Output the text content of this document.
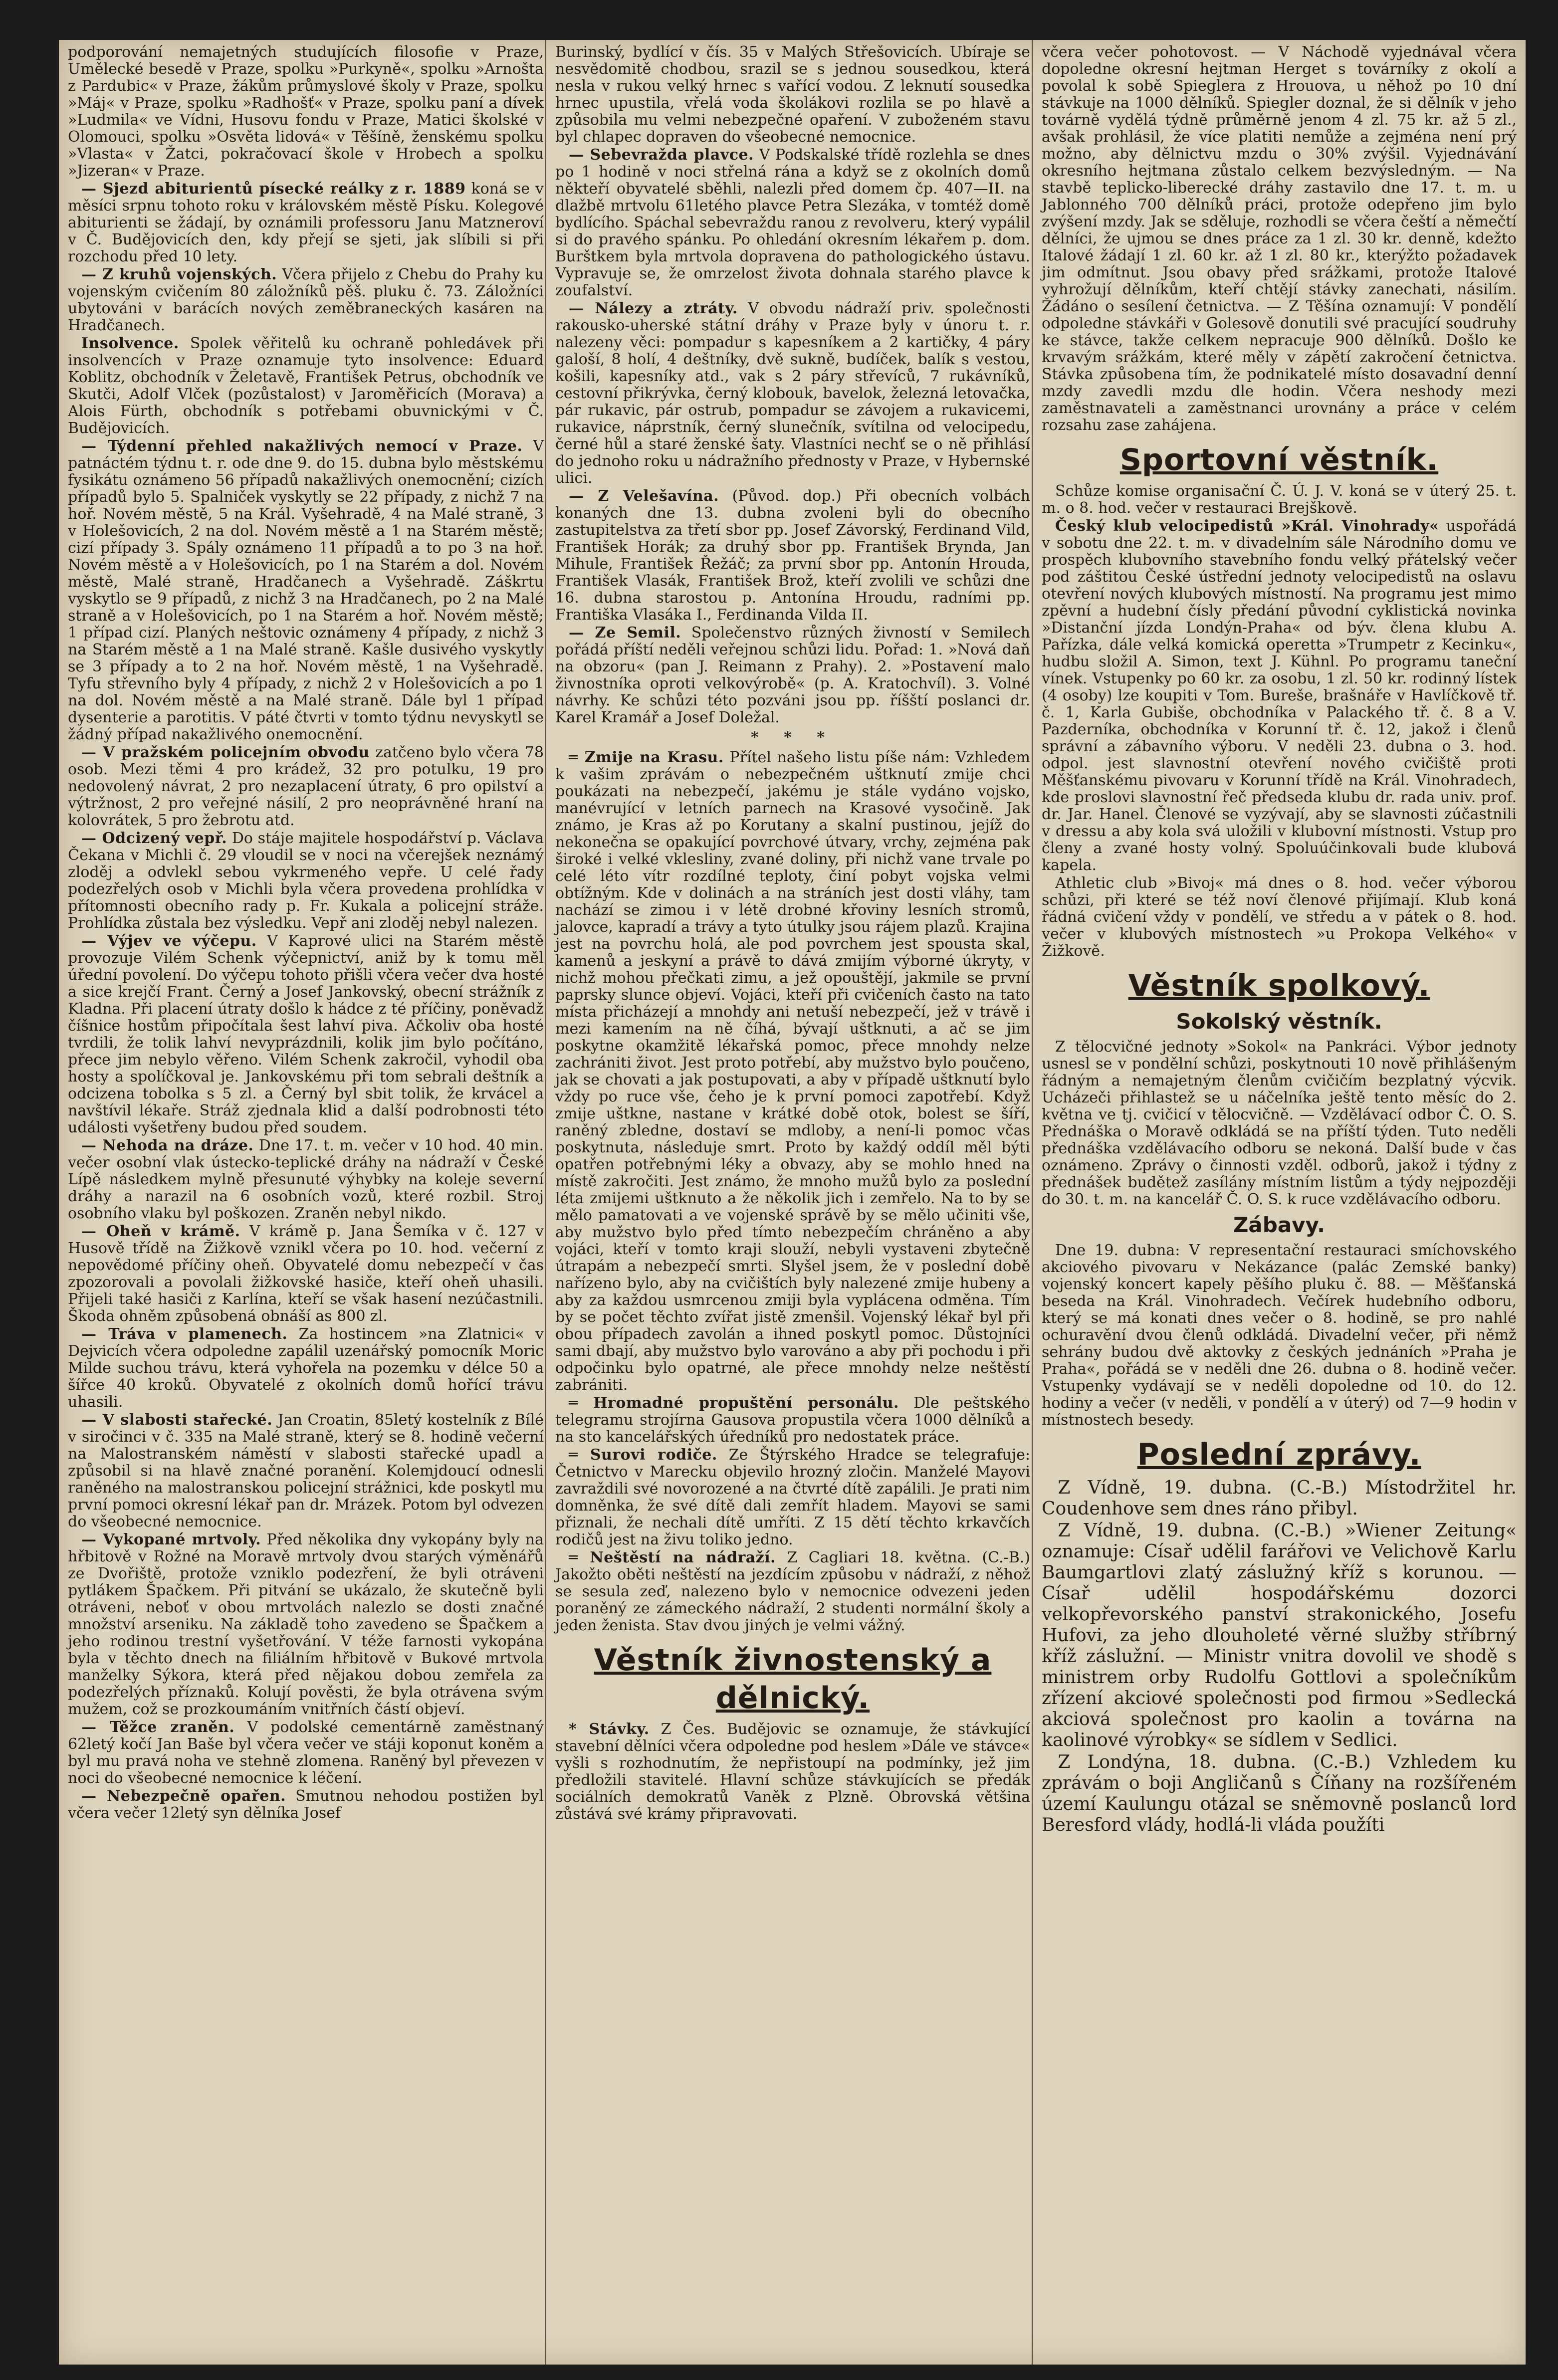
podporování nemajetných studujících filosofie v Praze, Umělecké besedě v Praze, spolku »Purkyně«, spolku »Arnošta z Pardubic« v Praze, žákům průmyslové školy v Praze, spolku »Máj« v Praze, spolku »Radhošť« v Praze, spolku paní a dívek »Ludmila« ve Vídni, Husovu fondu v Praze, Matici školské v Olomouci, spolku »Osvěta lidová« v Těšíně, ženskému spolku »Vlasta« v Žatci, pokračovací škole v Hrobech a spolku »Jizeran« v Praze.

— Sjezd abiturientů písecké reálky z r. 1889 koná se v měsíci srpnu tohoto roku v královském městě Písku. Kolegové abiturienti se žádají, by oznámili professoru Janu Matzneroví v Č. Budějovicích den, kdy přejí se sjeti, jak slíbili si při rozchodu před 10 lety.

— Z kruhů vojenských. Včera přijelo z Chebu do Prahy ku vojenským cvičením 80 záložníků pěš. pluku č. 73. Záložníci ubytováni v barácích nových zeměbraneckých kasáren na Hradčanech.

Insolvence. Spolek věřitelů ku ochraně pohledávek při insolvencích v Praze oznamuje tyto insolvence: Eduard Koblitz, obchodník v Želetavě, František Petrus, obchodník ve Skutči, Adolf Vlček (pozůstalost) v Jaroměřicích (Morava) a Alois Fürth, obchodník s potřebami obuvnickými v Č. Budějovicích.

— Týdenní přehled nakažlivých nemocí v Praze. V patnáctém týdnu t. r. ode dne 9. do 15. dubna bylo městskému fysikátu oznámeno 56 případů nakažlivých onemocnění; cizích případů bylo 5. Spalniček vyskytly se 22 případy, z nichž 7 na hoř. Novém městě, 5 na Král. Vyšehradě, 4 na Malé straně, 3 v Holešovicích, 2 na dol. Novém městě a 1 na Starém městě; cizí případy 3. Spály oznámeno 11 případů a to po 3 na hoř. Novém městě a v Holešovicích, po 1 na Starém a dol. Novém městě, Malé straně, Hradčanech a Vyšehradě. Záškrtu vyskytlo se 9 případů, z nichž 3 na Hradčanech, po 2 na Malé straně a v Holešovicích, po 1 na Starém a hoř. Novém městě; 1 případ cizí. Planých neštovic oznámeny 4 případy, z nichž 3 na Starém městě a 1 na Malé straně. Kašle dusivého vyskytly se 3 případy a to 2 na hoř. Novém městě, 1 na Vyšehradě. Tyfu střevního byly 4 případy, z nichž 2 v Holešovicích a po 1 na dol. Novém městě a na Malé straně. Dále byl 1 případ dysenterie a parotitis. V páté čtvrti v tomto týdnu nevyskytl se žádný případ nakažlivého onemocnění.

— V pražském policejním obvodu zatčeno bylo včera 78 osob. Mezi těmi 4 pro krádež, 32 pro potulku, 19 pro nedovolený návrat, 2 pro nezaplacení útraty, 6 pro opilství a výtržnost, 2 pro veřejné násilí, 2 pro neoprávněné hraní na kolovrátek, 5 pro žebrotu atd.

— Odcizený vepř. Do stáje majitele hospodářství p. Václava Čekana v Michli č. 29 vloudil se v noci na včerejšek neznámý zloděj a odvlekl sebou vykrmeného vepře. U celé řady podezřelých osob v Michli byla včera provedena prohlídka v přítomnosti obecního rady p. Fr. Kukala a policejní stráže. Prohlídka zůstala bez výsledku. Vepř ani zloděj nebyl nalezen.

— Výjev ve výčepu. V Kaprové ulici na Starém městě provozuje Vilém Schenk výčepnictví, aniž by k tomu měl úřední povolení. Do výčepu tohoto přišli včera večer dva hosté a sice krejčí Frant. Černý a Josef Jankovský, obecní strážník z Kladna. Při placení útraty došlo k hádce z té příčiny, poněvadž číšnice hostům připočítala šest lahví piva. Ačkoliv oba hosté tvrdili, že tolik lahví nevyprázdnili, kolik jim bylo počítáno, přece jim nebylo věřeno. Vilém Schenk zakročil, vyhodil oba hosty a spolíčkoval je. Jankovskému při tom sebrali deštník a odcizena tobolka s 5 zl. a Černý byl sbit tolik, že krvácel a navštívil lékaře. Stráž zjednala klid a další podrobnosti této události vyšetřeny budou před soudem.

— Nehoda na dráze. Dne 17. t. m. večer v 10 hod. 40 min. večer osobní vlak ústecko-teplické dráhy na nádraží v České Lípě následkem mylně přesunuté výhybky na koleje severní dráhy a narazil na 6 osobních vozů, které rozbil. Stroj osobního vlaku byl poškozen. Zraněn nebyl nikdo.

— Oheň v krámě. V krámě p. Jana Šemíka v č. 127 v Husově třídě na Žižkově vznikl včera po 10. hod. večerní z nepovědomé příčiny oheň. Obyvatelé domu nebezpečí v čas zpozorovali a povolali žižkovské hasiče, kteří oheň uhasili. Přijeli také hasiči z Karlína, kteří se však hasení nezúčastnili. Škoda ohněm způsobená obnáší as 800 zl.

— Tráva v plamenech. Za hostincem »na Zlatnici« v Dejvicích včera odpoledne zapálil uzenářský pomocník Moric Milde suchou trávu, která vyhořela na pozemku v délce 50 a šířce 40 kroků. Obyvatelé z okolních domů hořící trávu uhasili.

— V slabosti stařecké. Jan Croatin, 85letý kostelník z Bílé v siročinci v č. 335 na Malé straně, který se 8. hodině večerní na Malostranském náměstí v slabosti stařecké upadl a způsobil si na hlavě značné poranění. Kolemjdoucí odnesli raněného na malostranskou policejní strážnici, kde poskytl mu první pomoci okresní lékař pan dr. Mrázek. Potom byl odvezen do všeobecné nemocnice.

— Vykopané mrtvoly. Před několika dny vykopány byly na hřbitově v Rožné na Moravě mrtvoly dvou starých výměnářů ze Dvořiště, protože vzniklo podezření, že byli otráveni pytlákem Špačkem. Při pitvání se ukázalo, že skutečně byli otráveni, neboť v obou mrtvolách nalezlo se dosti značné množství arseniku. Na základě toho zavedeno se Špačkem a jeho rodinou trestní vyšetřování. V téže farnosti vykopána byla v těchto dnech na filiálním hřbitově v Bukové mrtvola manželky Sýkora, která před nějakou dobou zemřela za podezřelých příznaků. Kolují pověsti, že byla otrávena svým mužem, což se prozkoumáním vnitřních částí objeví.

— Těžce zraněn. V podolské cementárně zaměstnaný 62letý kočí Jan Baše byl včera večer ve stáji koponut koněm a byl mu pravá noha ve stehně zlomena. Raněný byl převezen v noci do všeobecné nemocnice k léčení.

— Nebezpečně opařen. Smutnou nehodou postižen byl včera večer 12letý syn dělníka Josef

Burinský, bydlící v čís. 35 v Malých Střešovicích. Ubíraje se nesvědomitě chodbou, srazil se s jednou sousedkou, která nesla v rukou velký hrnec s vařící vodou. Z leknutí sousedka hrnec upustila, vřelá voda školákovi rozlila se po hlavě a způsobila mu velmi nebezpečné opaření. V zuboženém stavu byl chlapec dopraven do všeobecné nemocnice.

— Sebevražda plavce. V Podskalské třídě rozlehla se dnes po 1 hodině v noci střelná rána a když se z okolních domů někteří obyvatelé sběhli, nalezli před domem čp. 407—II. na dlažbě mrtvolu 61letého plavce Petra Slezáka, v tomtéž domě bydlícího. Spáchal sebevraždu ranou z revolveru, který vypálil si do pravého spánku. Po ohledání okresním lékařem p. dom. Burštkem byla mrtvola dopravena do pathologického ústavu. Vypravuje se, že omrzelost života dohnala starého plavce k zoufalství.

— Nálezy a ztráty. V obvodu nádraží priv. společnosti rakousko-uherské státní dráhy v Praze byly v únoru t. r. nalezeny věci: pompadur s kapesníkem a 2 kartičky, 4 páry galoší, 8 holí, 4 deštníky, dvě sukně, budíček, balík s vestou, košili, kapesníky atd., vak s 2 páry střevíců, 7 rukávníků, cestovní přikrývka, černý klobouk, bavelok, železná letovačka, pár rukavic, pár ostrub, pompadur se závojem a rukavicemi, rukavice, náprstník, černý slunečník, svítilna od velocipedu, černé hůl a staré ženské šaty. Vlastníci nechť se o ně přihlásí do jednoho roku u nádražního přednosty v Praze, v Hybernské ulici.

— Z Velešavína. (Původ. dop.) Při obecních volbách konaných dne 13. dubna zvoleni byli do obecního zastupitelstva za třetí sbor pp. Josef Závorský, Ferdinand Vild, František Horák; za druhý sbor pp. František Brynda, Jan Mihule, František Řežáč; za první sbor pp. Antonín Hrouda, František Vlasák, František Brož, kteří zvolili ve schůzi dne 16. dubna starostou p. Antonína Hroudu, radními pp. Františka Vlasáka I., Ferdinanda Vilda II.

— Ze Semil. Společenstvo různých živností v Semilech pořádá příští neděli veřejnou schůzi lidu. Pořad: 1. »Nová daň na obzoru« (pan J. Reimann z Prahy). 2. »Postavení malo živnostníka oproti velkovýrobě« (p. A. Kratochvíl). 3. Volné návrhy. Ke schůzi této pozváni jsou pp. říšští poslanci dr. Karel Kramář a Josef Doležal.

* * *

═ Zmije na Krasu. Přítel našeho listu píše nám: Vzhledem k vašim zprávám o nebezpečném uštknutí zmije chci poukázati na nebezpečí, jakému je stále vydáno vojsko, manévrující v letních parnech na Krasové vysočině. Jak známo, je Kras až po Korutany a skalní pustinou, jejíž do nekonečna se opakující povrchové útvary, vrchy, zejména pak široké i velké vklesliny, zvané doliny, při nichž vane trvale po celé léto vítr rozdílné teploty, činí pobyt vojska velmi obtížným. Kde v dolinách a na stráních jest dosti vláhy, tam nachází se zimou i v létě drobné křoviny lesních stromů, jalovce, kapradí a trávy a tyto útulky jsou rájem plazů. Krajina jest na povrchu holá, ale pod povrchem jest spousta skal, kamenů a jeskyní a právě to dává zmijím výborné úkryty, v nichž mohou přečkati zimu, a jež opouštějí, jakmile se první paprsky slunce objeví. Vojáci, kteří při cvičeních často na tato místa přicházejí a mnohdy ani netuší nebezpečí, jež v trávě i mezi kamením na ně číhá, bývají uštknuti, a ač se jim poskytne okamžitě lékařská pomoc, přece mnohdy nelze zachrániti život. Jest proto potřebí, aby mužstvo bylo poučeno, jak se chovati a jak postupovati, a aby v případě uštknutí bylo vždy po ruce vše, čeho je k první pomoci zapotřebí. Když zmije uštkne, nastane v krátké době otok, bolest se šíří, raněný zbledne, dostaví se mdloby, a není-li pomoc včas poskytnuta, následuje smrt. Proto by každý oddíl měl býti opatřen potřebnými léky a obvazy, aby se mohlo hned na místě zakročiti. Jest známo, že mnoho mužů bylo za poslední léta zmijemi uštknuto a že několik jich i zemřelo. Na to by se mělo pamatovati a ve vojenské správě by se mělo učiniti vše, aby mužstvo bylo před tímto nebezpečím chráněno a aby vojáci, kteří v tomto kraji slouží, nebyli vystaveni zbytečně útrapám a nebezpečí smrti. Slyšel jsem, že v poslední době nařízeno bylo, aby na cvičištích byly nalezené zmije hubeny a aby za každou usmrcenou zmiji byla vyplácena odměna. Tím by se počet těchto zvířat jistě zmenšil. Vojenský lékař byl při obou případech zavolán a ihned poskytl pomoc. Důstojníci sami dbají, aby mužstvo bylo varováno a aby při pochodu i při odpočinku bylo opatrné, ale přece mnohdy nelze neštěstí zabrániti.

═ Hromadné propuštění personálu. Dle peštského telegramu strojírna Gausova propustila včera 1000 dělníků a na sto kancelářských úředníků pro nedostatek práce.

═ Surovi rodiče. Ze Štýrského Hradce se telegrafuje: Četnictvo v Marecku objevilo hrozný zločin. Manželé Mayovi zavraždili své novorozené a na čtvrté dítě zapálili. Je prati nim domněnka, že své dítě dali zemřít hladem. Mayovi se sami přiznali, že nechali dítě umříti. Z 15 dětí těchto krkavčích rodičů jest na živu toliko jedno.

═ Neštěstí na nádraží. Z Cagliari 18. května. (C.-B.) Jakožto oběti neštěstí na jezdícím způsobu v nádraží, z něhož se sesula zeď, nalezeno bylo v nemocnice odvezeni jeden poraněný ze zámeckého nádraží, 2 studenti normální školy a jeden ženista. Stav dvou jiných je velmi vážný.

Věstník živnostenský a dělnický.

* Stávky. Z Čes. Budějovic se oznamuje, že stávkující stavební dělníci včera odpoledne pod heslem »Dále ve stávce« vyšli s rozhodnutím, že nepřistoupí na podmínky, jež jim předložili stavitelé. Hlavní schůze stávkujících se předák sociálních demokratů Vaněk z Plzně. Obrovská většina zůstává své krámy připravovati.

včera večer pohotovost. — V Náchodě vyjednával včera dopoledne okresní hejtman Herget s továrníky z okolí a povolal k sobě Spieglera z Hrouova, u něhož po 10 dní stávkuje na 1000 dělníků. Spiegler doznal, že si dělník v jeho továrně vydělá týdně průměrně jenom 4 zl. 75 kr. až 5 zl., avšak prohlásil, že více platiti nemůže a zejména není prý možno, aby dělnictvu mzdu o 30% zvýšil. Vyjednávání okresního hejtmana zůstalo celkem bezvýsledným. — Na stavbě teplicko-liberecké dráhy zastavilo dne 17. t. m. u Jablonného 700 dělníků práci, protože odepřeno jim bylo zvýšení mzdy. Jak se sděluje, rozhodli se včera čeští a němečtí dělníci, že ujmou se dnes práce za 1 zl. 30 kr. denně, kdežto Italové žádají 1 zl. 60 kr. až 1 zl. 80 kr., kterýžto požadavek jim odmítnut. Jsou obavy před srážkami, protože Italové vyhrožují dělníkům, kteří chtějí stávky zanechati, násilím. Žádáno o sesílení četnictva. — Z Těšína oznamují: V pondělí odpoledne stávkáři v Golesově donutili své pracující soudruhy ke stávce, takže celkem nepracuje 900 dělníků. Došlo ke krvavým srážkám, které měly v zápětí zakročení četnictva. Stávka způsobena tím, že podnikatelé místo dosavadní denní mzdy zavedli mzdu dle hodin. Včera neshody mezi zaměstnavateli a zaměstnanci urovnány a práce v celém rozsahu zase zahájena.

Sportovní věstník.

Schůze komise organisační Č. Ú. J. V. koná se v úterý 25. t. m. o 8. hod. večer v restauraci Brejškově.

Český klub velocipedistů »Král. Vinohrady« uspořádá v sobotu dne 22. t. m. v divadelním sále Národního domu ve prospěch klubovního stavebního fondu velký přátelský večer pod záštitou České ústřední jednoty velocipedistů na oslavu otevření nových klubových místností. Na programu jest mimo zpěvní a hudební čísly předání původní cyklistická novinka »Distanční jízda Londýn-Praha« od býv. člena klubu A. Pařízka, dále velká komická operetta »Trumpetr z Kecinku«, hudbu složil A. Simon, text J. Kühnl. Po programu taneční vínek. Vstupenky po 60 kr. za osobu, 1 zl. 50 kr. rodinný lístek (4 osoby) lze koupiti v Tom. Bureše, brašnáře v Havlíčkově tř. č. 1, Karla Gubiše, obchodníka v Palackého tř. č. 8 a V. Pazderníka, obchodníka v Korunní tř. č. 12, jakož i členů správní a zábavního výboru. V neděli 23. dubna o 3. hod. odpol. jest slavnostní otevření nového cvičiště proti Měšťanskému pivovaru v Korunní třídě na Král. Vinohradech, kde proslovi slavnostní řeč předseda klubu dr. rada univ. prof. dr. Jar. Hanel. Členové se vyzývají, aby se slavnosti zúčastnili v dressu a aby kola svá uložili v klubovní místnosti. Vstup pro členy a zvané hosty volný. Spoluúčinkovali bude klubová kapela.

Athletic club »Bivoj« má dnes o 8. hod. večer výborou schůzi, při které se též noví členové přijímají. Klub koná řádná cvičení vždy v pondělí, ve středu a v pátek o 8. hod. večer v klubových místnostech »u Prokopa Velkého« v Žižkově.

Věstník spolkový.
Sokolský věstník.

Z tělocvičné jednoty »Sokol« na Pankráci. Výbor jednoty usnesl se v pondělní schůzi, poskytnouti 10 nově přihlášeným řádným a nemajetným členům cvičičím bezplatný výcvik. Ucházeči přihlastež se u náčelníka ještě tento měsíc do 2. května ve tj. cvičicí v tělocvičně. — Vzdělávací odbor Č. O. S. Přednáška o Moravě odkládá se na příští týden. Tuto neděli přednáška vzdělávacího odboru se nekoná. Další bude v čas oznámeno. Zprávy o činnosti vzděl. odborů, jakož i týdny z přednášek budětež zasílány místním listům a týdy nejpozději do 30. t. m. na kancelář Č. O. S. k ruce vzdělávacího odboru.

Zábavy.

Dne 19. dubna: V representační restauraci smíchovského akciového pivovaru v Nekázance (palác Zemské banky) vojenský koncert kapely pěšího pluku č. 88. — Měšťanská beseda na Král. Vinohradech. Večírek hudebního odboru, který se má konati dnes večer o 8. hodině, se pro nahlé ochuravění dvou členů odkládá. Divadelní večer, při němž sehrány budou dvě aktovky z českých jednáních »Praha je Praha«, pořádá se v neděli dne 26. dubna o 8. hodině večer. Vstupenky vydávají se v neděli dopoledne od 10. do 12. hodiny a večer (v neděli, v pondělí a v úterý) od 7—9 hodin v místnostech besedy.

Poslední zprávy.

Z Vídně, 19. dubna. (C.-B.) Místodržitel hr. Coudenhove sem dnes ráno přibyl.

Z Vídně, 19. dubna. (C.-B.) »Wiener Zeitung« oznamuje: Císař udělil farářovi ve Velichově Karlu Baumgartlovi zlatý záslužný kříž s korunou. — Císař udělil hospodářskému dozorci velkopřevorského panství strakonického, Josefu Hufovi, za jeho dlouholeté věrné služby stříbrný kříž záslužní. — Ministr vnitra dovolil ve shodě s ministrem orby Rudolfu Gottlovi a společníkům zřízení akciové společnosti pod firmou »Sedlecká akciová společnost pro kaolin a továrna na kaolinové výrobky« se sídlem v Sedlici.

Z Londýna, 18. dubna. (C.-B.) Vzhledem ku zprávám o boji Angličanů s Číňany na rozšířeném území Kaulungu otázal se sněmovně poslanců lord Beresford vlády, hodlá-li vláda použíti
